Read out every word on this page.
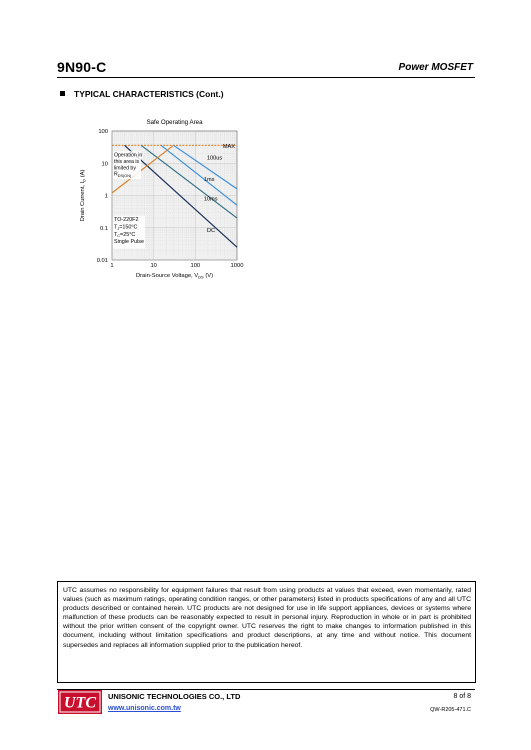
9N90-C	Power MOSFET
TYPICAL CHARACTERISTICS (Cont.)
Safe Operating Area
100
10
1
0.1
0.01
1	10	100	1000
Drain-Source Voltage, $V_{DS}$ (V)
Drain Current, $I_D$ (A)
MAX
100us
1ms
10ms
DC
Operation in
this area is
limited by
$R_{DS(ON)}$
TO-220F2
$T_J=150^\circ C$
$T_C=25^\circ C$
Single Pulse
UTC assumes no responsibility for equipment failures that result from using products at values that exceed, even momentarily, rated values (such as maximum ratings, operating condition ranges, or other parameters) listed in products specifications of any and all UTC products described or contained herein. UTC products are not designed for use in life support appliances, devices or systems where malfunction of these products can be reasonably expected to result in personal injury. Reproduction in whole or in part is prohibited without the prior written consent of the copyright owner. UTC reserves the right to make changes to information published in this document, including without limitation specifications and product descriptions, at any time and without notice. This document supersedes and replaces all information supplied prior to the publication hereof.
UTC UNISONIC TECHNOLOGIES CO., LTD
www.unisonic.com.tw
8 of 8
QW-R205-471.C
